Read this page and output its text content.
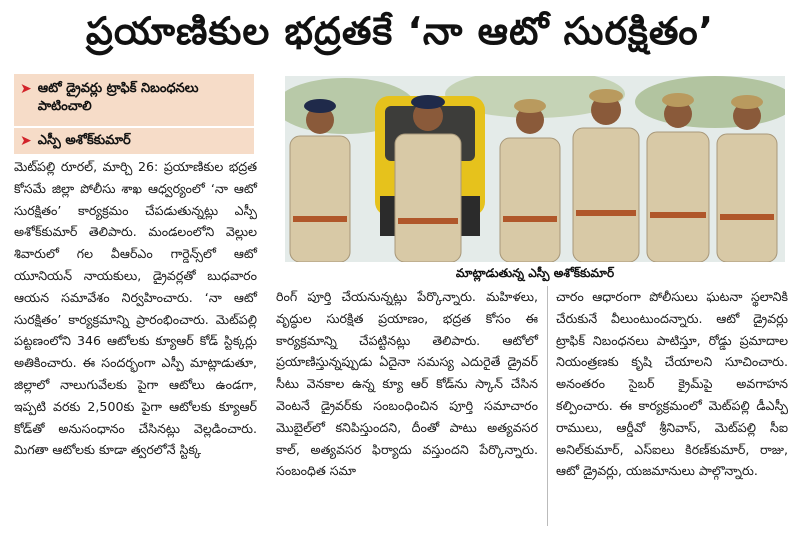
ప్రయాణికుల భద్రతకే ‘నా ఆటో సురక్షితం’
➤ ఆటో డ్రైవర్లు ట్రాఫిక్ నిబంధనలు పాటించాలి
➤ ఎస్పీ అశోక్‌కుమార్

మెట్‌పల్లి రూరల్, మార్చి 26: ప్రయాణికుల భద్రత కోసమే జిల్లా పోలీసు శాఖ ఆధ్వర్యంలో ‘నా ఆటో సురక్షితం’ కార్యక్రమం చేపడుతున్నట్లు ఎస్పీ అశోక్‌కుమార్ తెలిపారు. మండలంలోని వెల్లుల శివారులో గల వీఆర్‌ఎం గార్డెన్స్‌లో ఆటో యూనియన్ నాయకులు, డ్రైవర్లతో బుధవారం ఆయన సమావేశం నిర్వహించారు. ‘నా ఆటో సురక్షితం’ కార్యక్రమాన్ని ప్రారంభించారు. మెట్‌పల్లి పట్టణంలోని 346 ఆటోలకు క్యూఆర్ కోడ్ స్టిక్కర్లు అతికించారు. ఈ సందర్భంగా ఎస్పీ మాట్లాడుతూ, జిల్లాలో నాలుగువేలకు పైగా ఆటోలు ఉండగా, ఇప్పటి వరకు 2,500కు పైగా ఆటోలకు క్యూఆర్ కోడ్‌తో అనుసంధానం చేసినట్లు వెల్లడించారు. మిగతా ఆటోలకు కూడా త్వరలోనే స్టిక్క

మాట్లాడుతున్న ఎస్పీ అశోక్‌కుమార్

రింగ్ పూర్తి చేయనున్నట్లు పేర్కొన్నారు. మహిళలు, వృద్ధుల సురక్షిత ప్రయాణం, భద్రత కోసం ఈ కార్యక్రమాన్ని చేపట్టినట్లు తెలిపారు. ఆటోలో ప్రయాణిస్తున్నప్పుడు ఏదైనా సమస్య ఎదురైతే డ్రైవర్ సీటు వెనకాల ఉన్న క్యూ ఆర్ కోడ్‌ను స్కాన్ చేసిన వెంటనే డ్రైవర్‌కు సంబంధించిన పూర్తి సమాచారం మొబైల్‌లో కనిపిస్తుందని, దీంతో పాటు అత్యవసర కాల్, అత్యవసర ఫిర్యాదు వస్తుందని పేర్కొన్నారు. సంబంధిత సమా

చారం ఆధారంగా పోలీసులు ఘటనా స్థలానికి చేరుకునే వీలుంటుందన్నారు. ఆటో డ్రైవర్లు ట్రాఫిక్ నిబంధనలు పాటిస్తూ, రోడ్డు ప్రమాదాల నియంత్రణకు కృషి చేయాలని సూచించారు. అనంతరం సైబర్ క్రైమ్‌పై అవగాహన కల్పించారు. ఈ కార్యక్రమంలో మెట్‌పల్లి డీఎస్పీ రాములు, ఆర్డీవో శ్రీనివాస్, మెట్‌పల్లి సీఐ అనిల్‌కుమార్, ఎస్ఐలు కిరణ్‌కుమార్, రాజు, ఆటో డ్రైవర్లు, యజమానులు పాల్గొన్నారు.
